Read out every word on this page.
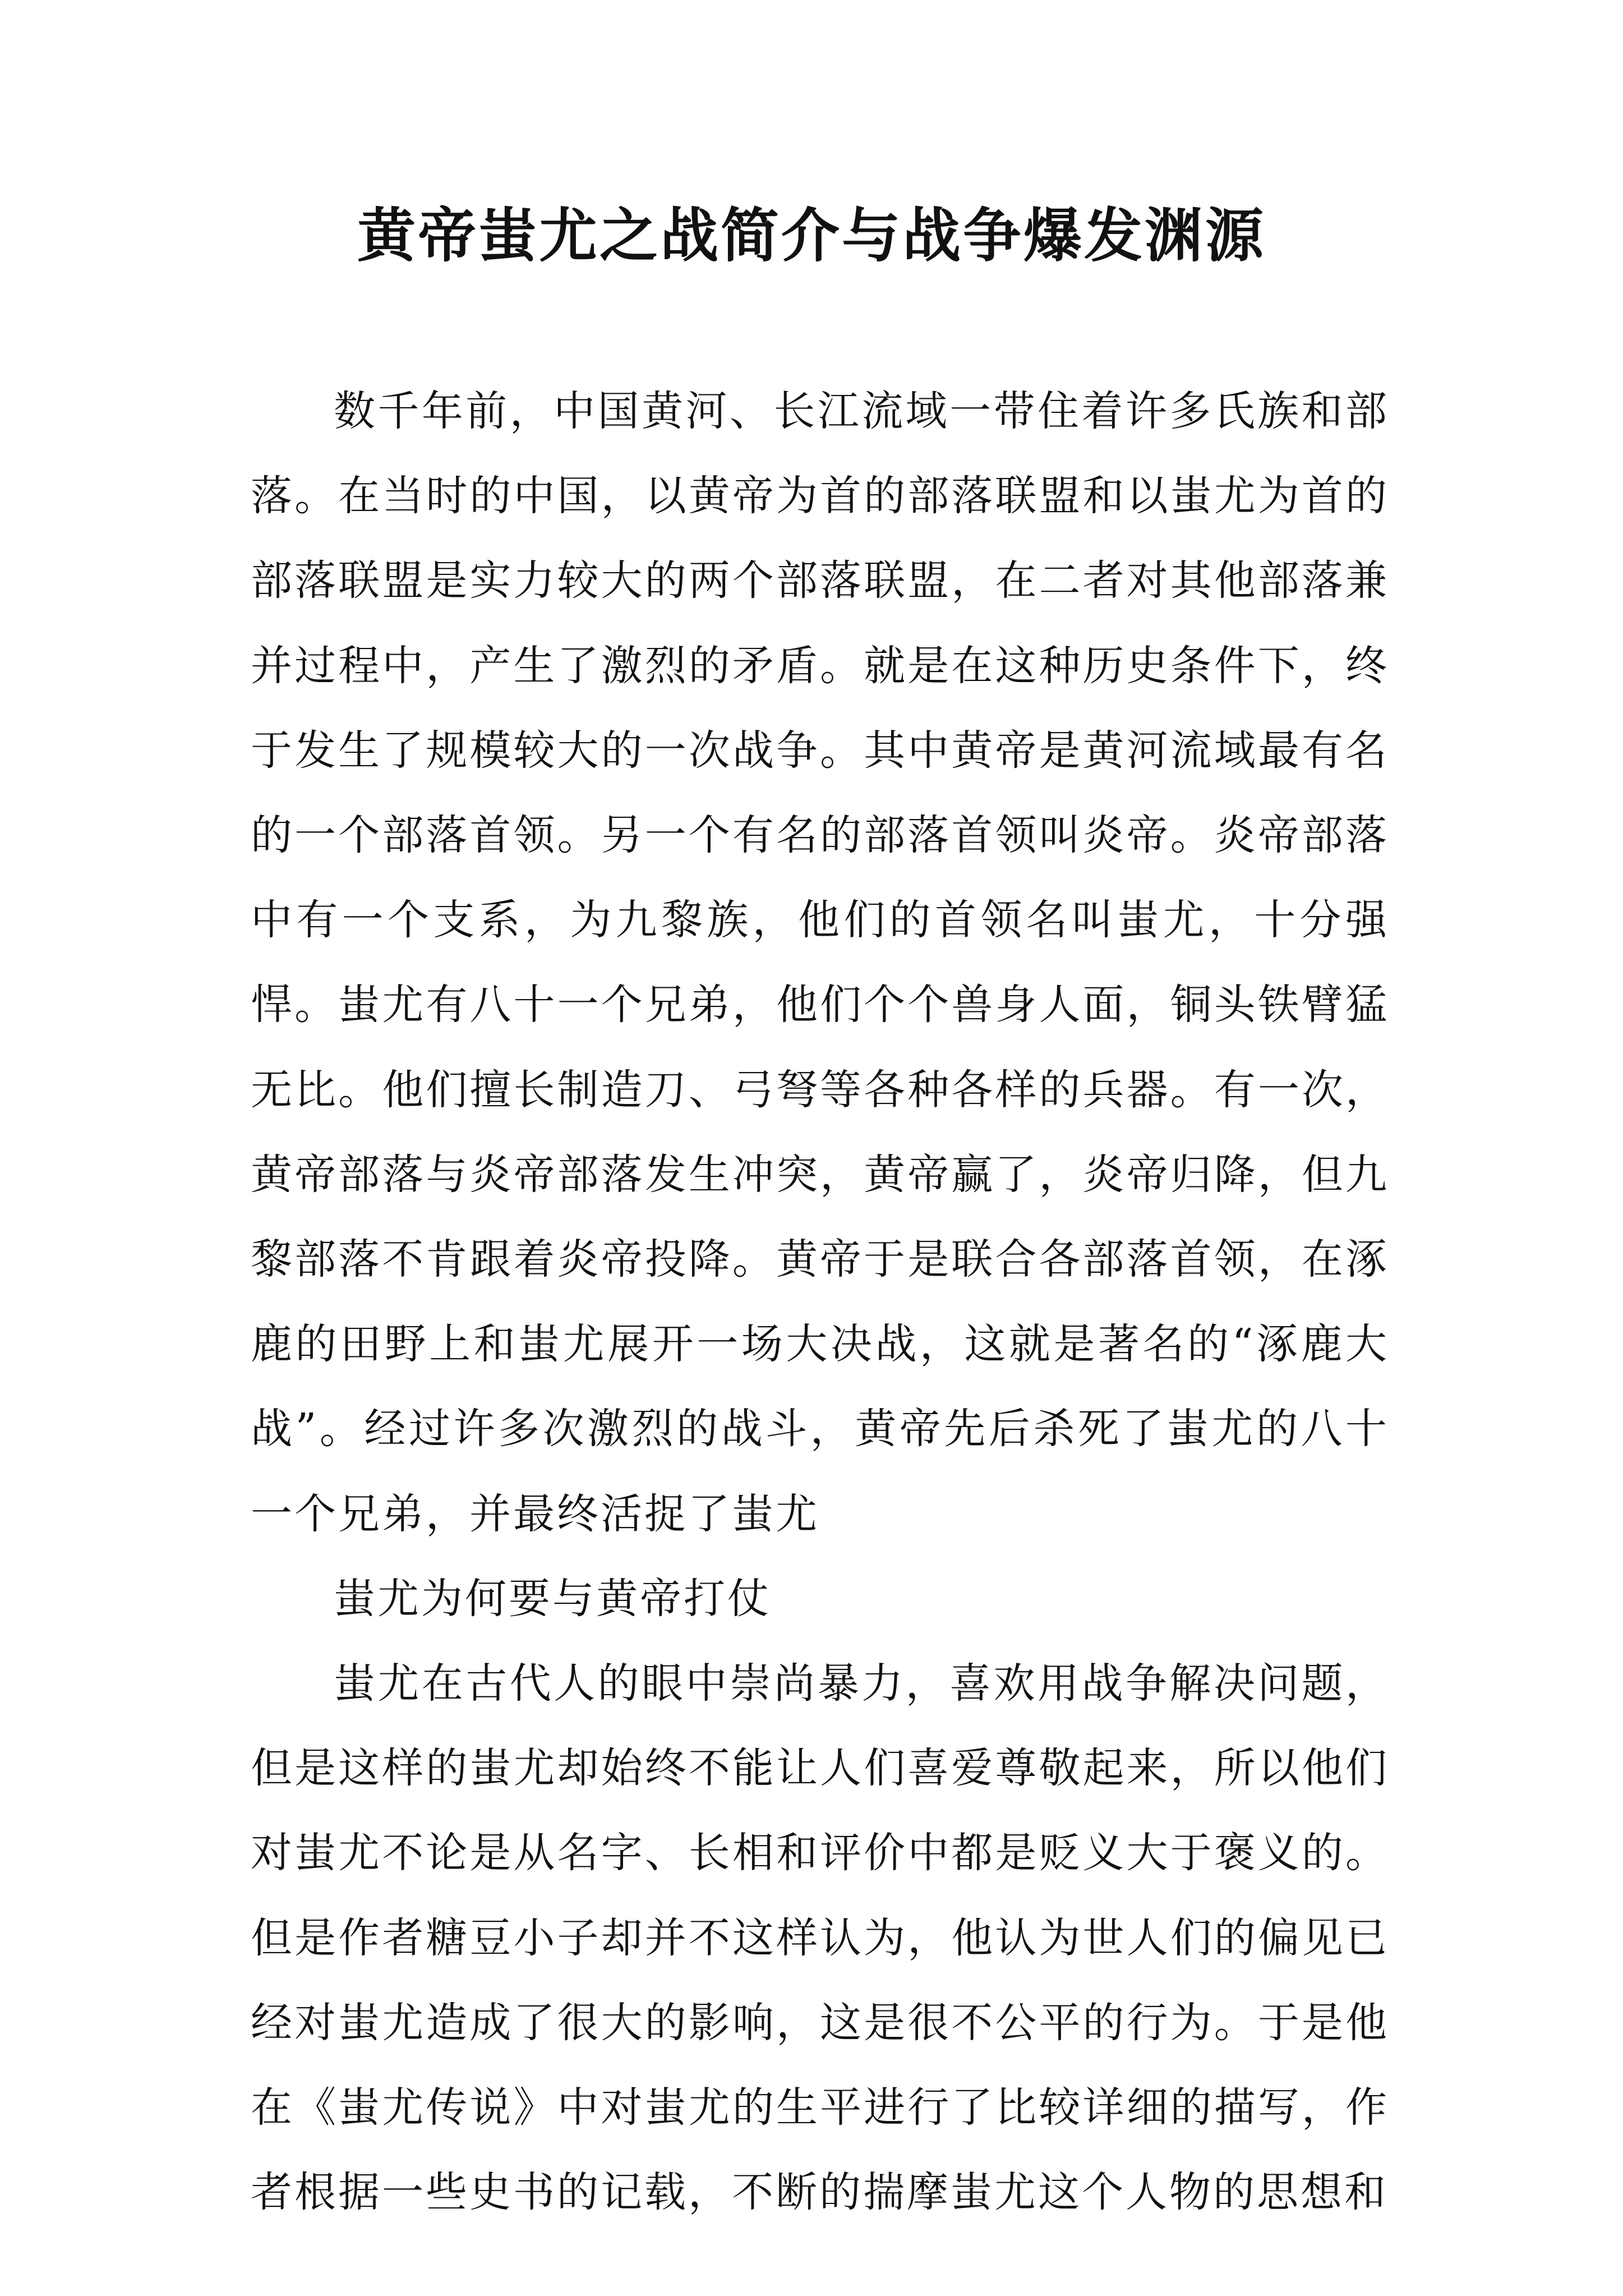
黄帝蚩尤之战简介与战争爆发渊源

数千年前，中国黄河、长江流域一带住着许多氏族和部落。在当时的中国，以黄帝为首的部落联盟和以蚩尤为首的部落联盟是实力较大的两个部落联盟，在二者对其他部落兼并过程中，产生了激烈的矛盾。就是在这种历史条件下，终于发生了规模较大的一次战争。其中黄帝是黄河流域最有名的一个部落首领。另一个有名的部落首领叫炎帝。炎帝部落中有一个支系，为九黎族，他们的首领名叫蚩尤，十分强悍。蚩尤有八十一个兄弟，他们个个兽身人面，铜头铁臂猛无比。他们擅长制造刀、弓弩等各种各样的兵器。有一次，黄帝部落与炎帝部落发生冲突，黄帝赢了，炎帝归降，但九黎部落不肯跟着炎帝投降。黄帝于是联合各部落首领，在涿鹿的田野上和蚩尤展开一场大决战，这就是著名的“涿鹿大战”。经过许多次激烈的战斗，黄帝先后杀死了蚩尤的八十一个兄弟，并最终活捉了蚩尤

蚩尤为何要与黄帝打仗

蚩尤在古代人的眼中崇尚暴力，喜欢用战争解决问题，但是这样的蚩尤却始终不能让人们喜爱尊敬起来，所以他们对蚩尤不论是从名字、长相和评价中都是贬义大于褒义的。但是作者糖豆小子却并不这样认为，他认为世人们的偏见已经对蚩尤造成了很大的影响，这是很不公平的行为。于是他在《蚩尤传说》中对蚩尤的生平进行了比较详细的描写，作者根据一些史书的记载，不断的揣摩蚩尤这个人物的思想和
